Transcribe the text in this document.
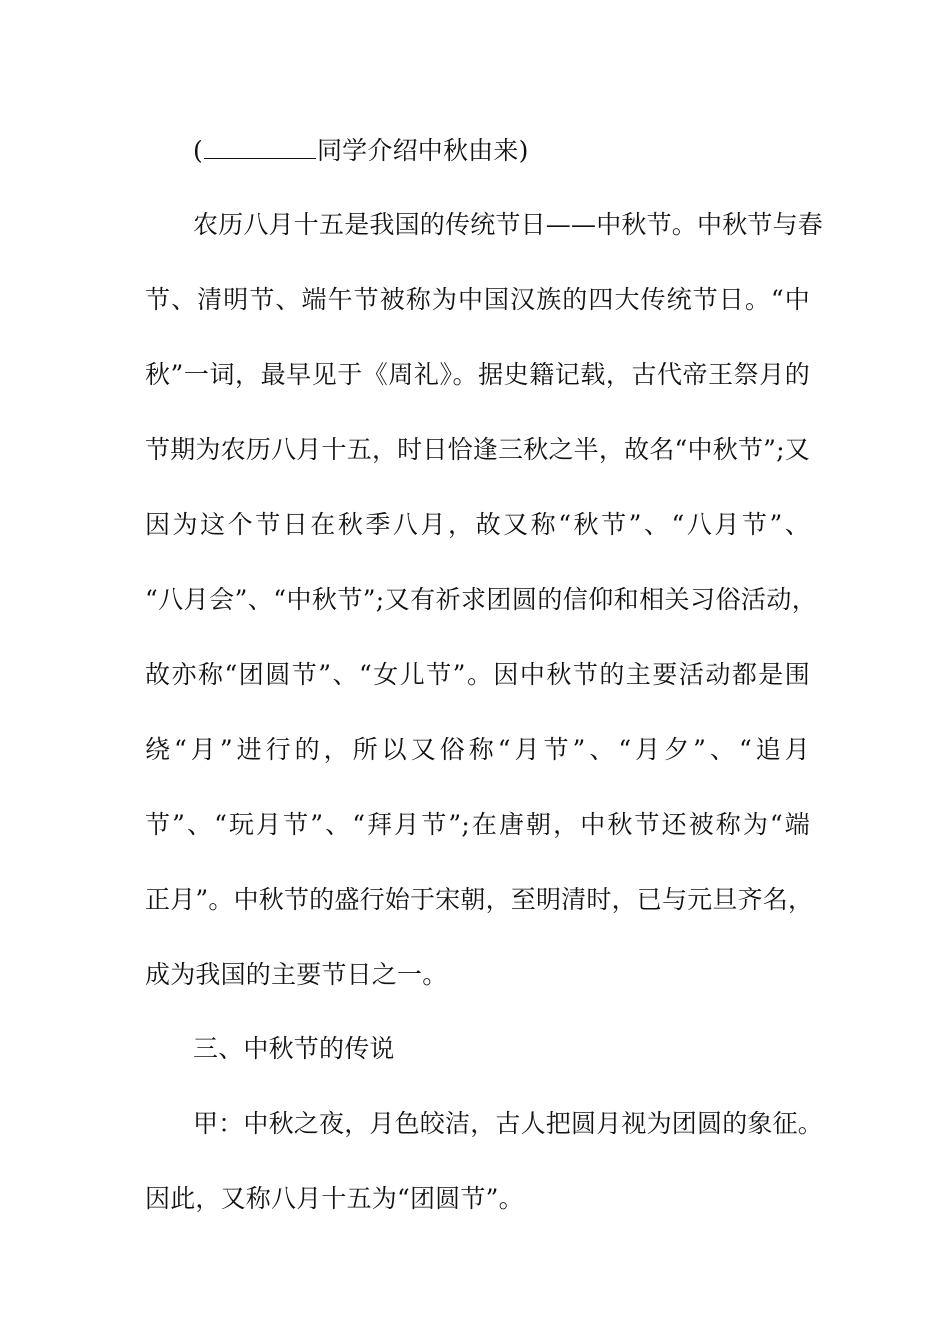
(	同学介绍中秋由来)
农历八月十五是我国的传统节日——中秋节。中秋节与春
节、清明节、端午节被称为中国汉族的四大传统节日。“中
秋”一词，最早见于《周礼》。据史籍记载，古代帝王祭月的
节期为农历八月十五，时日恰逢三秋之半，故名“中秋节”;又
因为这个节日在秋季八月，故又称“秋节”、“八月节”、
“八月会”、“中秋节”;又有祈求团圆的信仰和相关习俗活动，
故亦称“团圆节”、“女儿节”。因中秋节的主要活动都是围
绕“月”进行的，所以又俗称“月节”、“月夕”、“追月
节”、“玩月节”、“拜月节”;在唐朝，中秋节还被称为“端
正月”。中秋节的盛行始于宋朝，至明清时，已与元旦齐名，
成为我国的主要节日之一。
三、中秋节的传说
甲：中秋之夜，月色皎洁，古人把圆月视为团圆的象征。
因此，又称八月十五为“团圆节”。
